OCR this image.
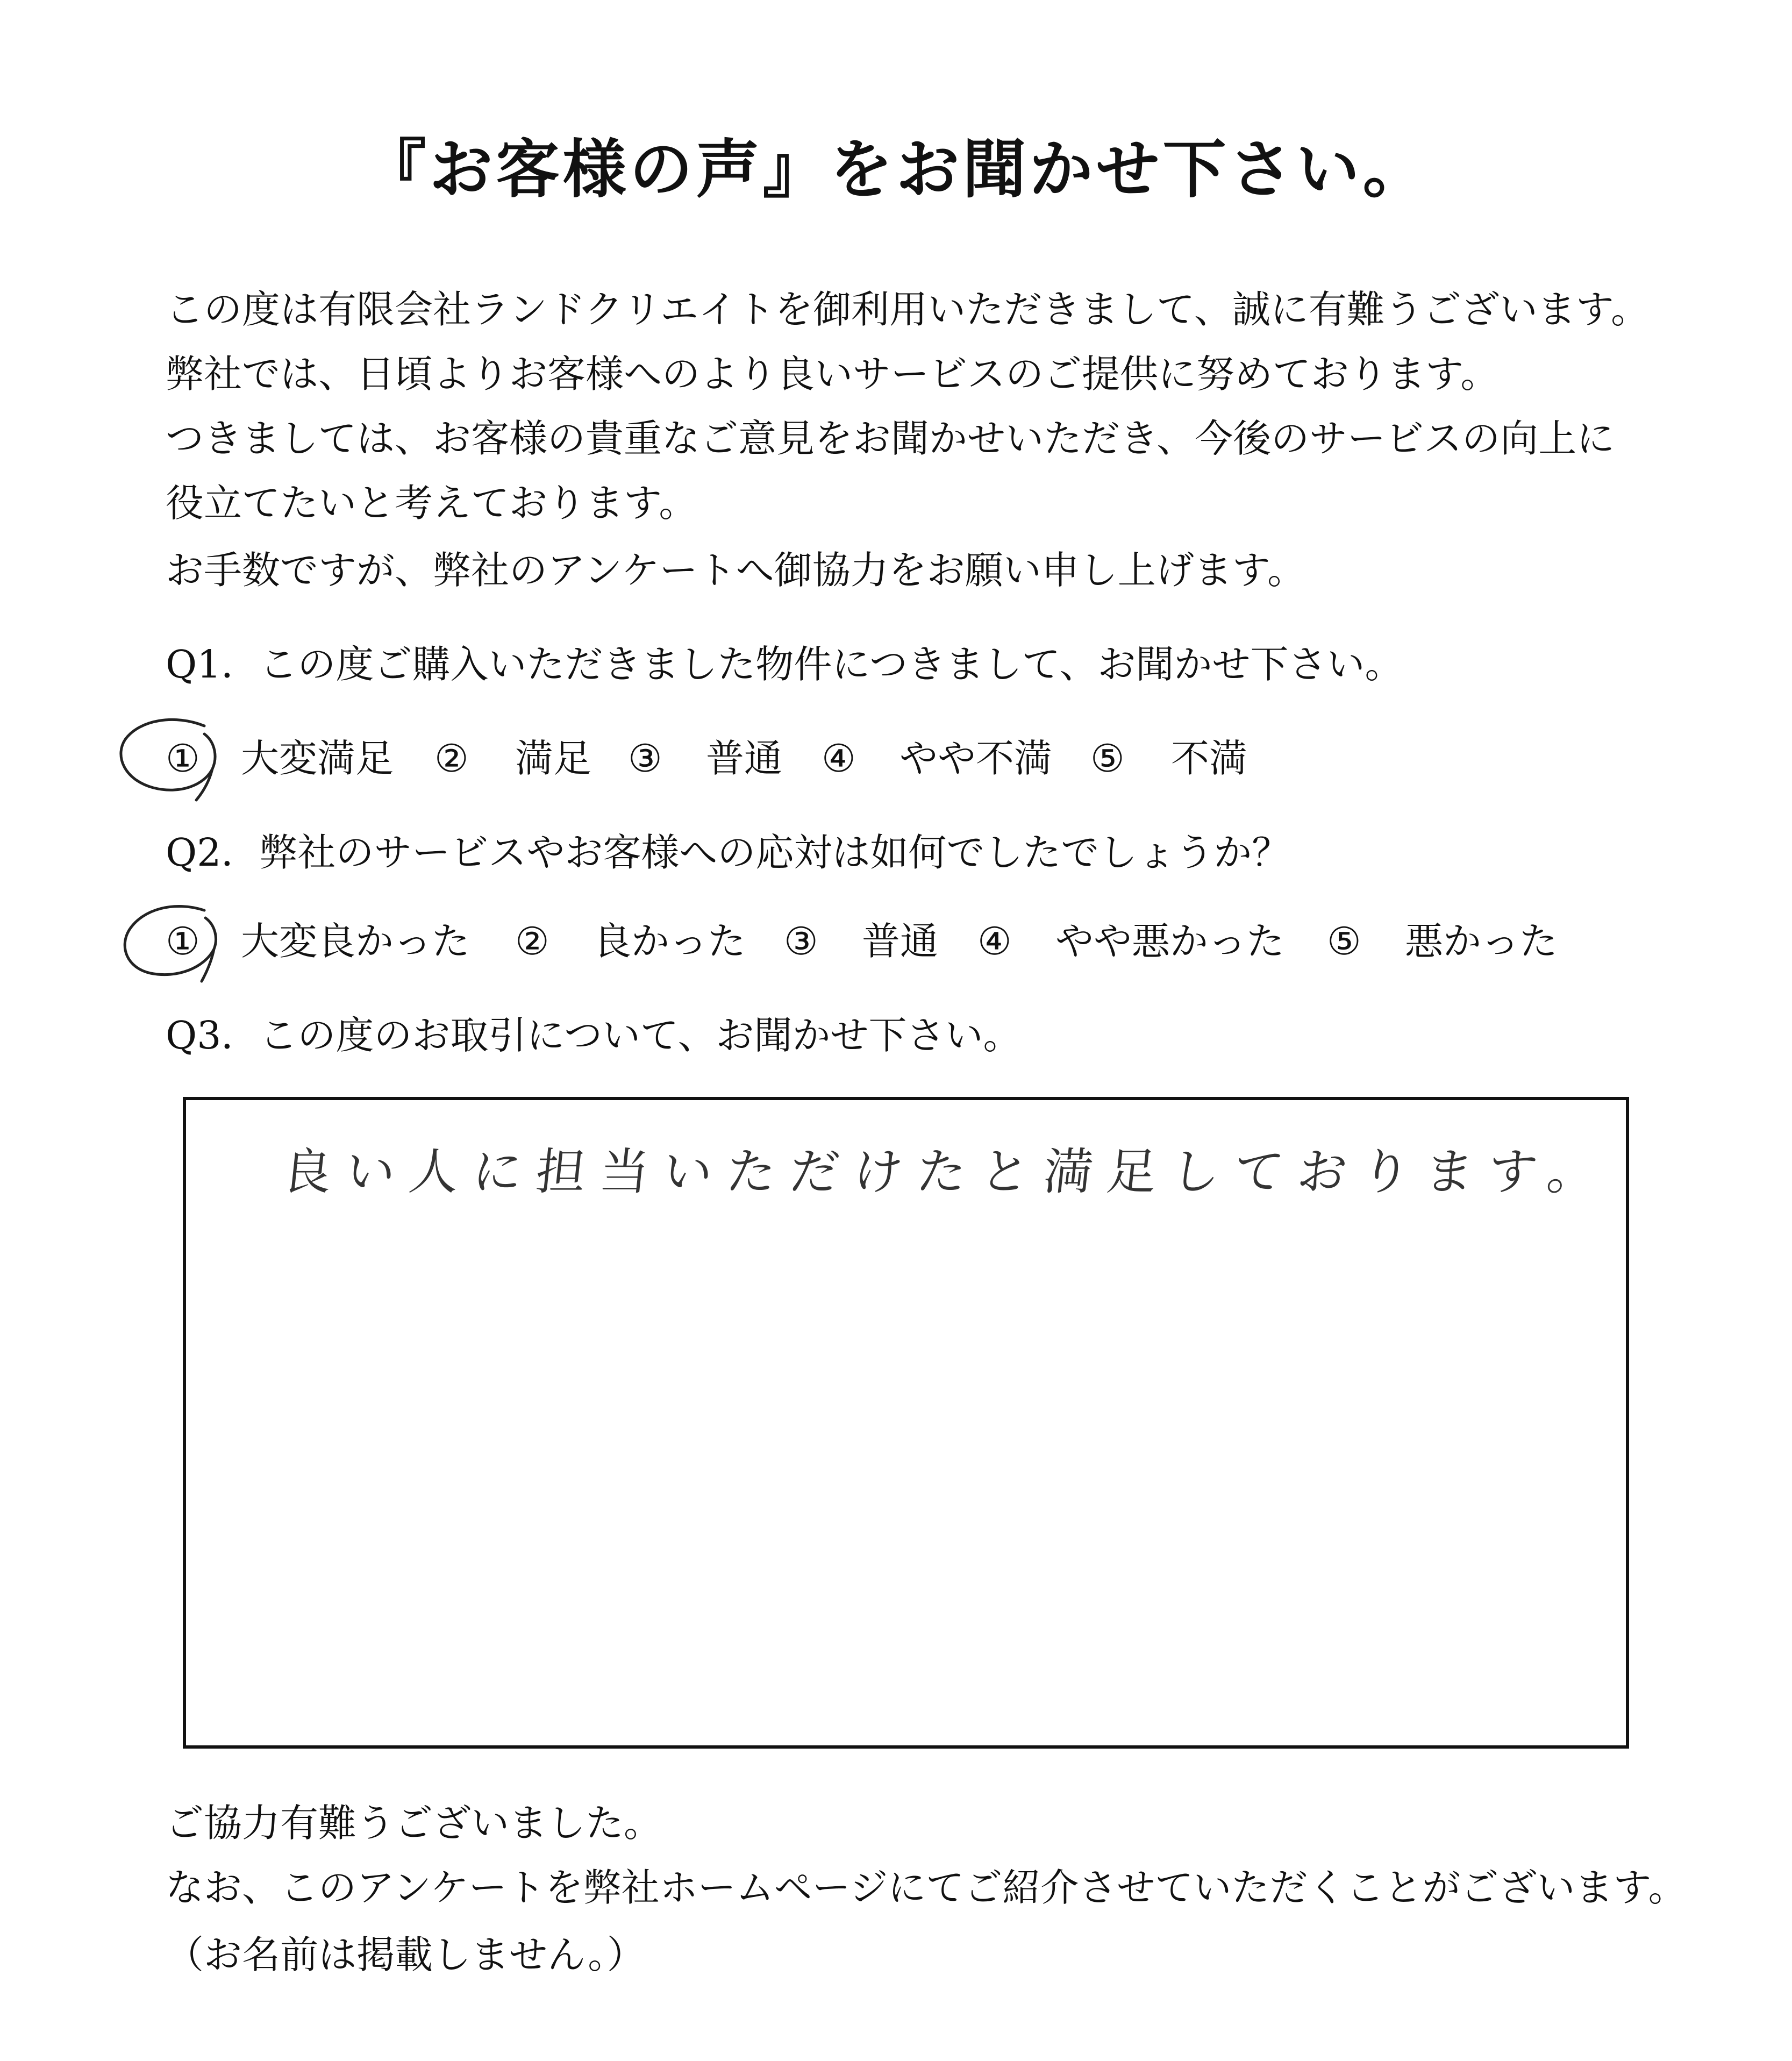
『お客様の声』をお聞かせ下さい。
この度は有限会社ランドクリエイトを御利用いただきまして、誠に有難うございます。
弊社では、日頃よりお客様へのより良いサービスのご提供に努めております。
つきましては、お客様の貴重なご意見をお聞かせいただき、今後のサービスの向上に
役立てたいと考えております。
お手数ですが、弊社のアンケートへ御協力をお願い申し上げます。
Q1．この度ご購入いただきました物件につきまして、お聞かせ下さい。
① 大変満足 ② 満足 ③ 普通 ④ やや不満 ⑤ 不満
Q2．弊社のサービスやお客様への応対は如何でしたでしょうか？
① 大変良かった ② 良かった ③ 普通 ④ やや悪かった ⑤ 悪かった
Q3．この度のお取引について、お聞かせ下さい。
良い人に担当いただけたと満足しております。
ご協力有難うございました。
なお、このアンケートを弊社ホームページにてご紹介させていただくことがございます。
（お名前は掲載しません。）
